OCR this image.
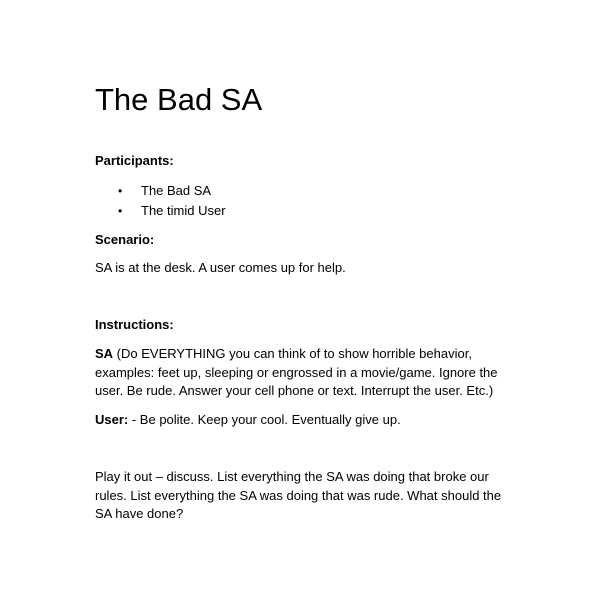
The Bad SA

Participants:

• The Bad SA
• The timid User

Scenario:

SA is at the desk. A user comes up for help.

Instructions:

SA (Do EVERYTHING you can think of to show horrible behavior, examples: feet up, sleeping or engrossed in a movie/game. Ignore the user. Be rude. Answer your cell phone or text. Interrupt the user. Etc.)

User: - Be polite. Keep your cool. Eventually give up.

Play it out – discuss. List everything the SA was doing that broke our rules. List everything the SA was doing that was rude. What should the SA have done?
